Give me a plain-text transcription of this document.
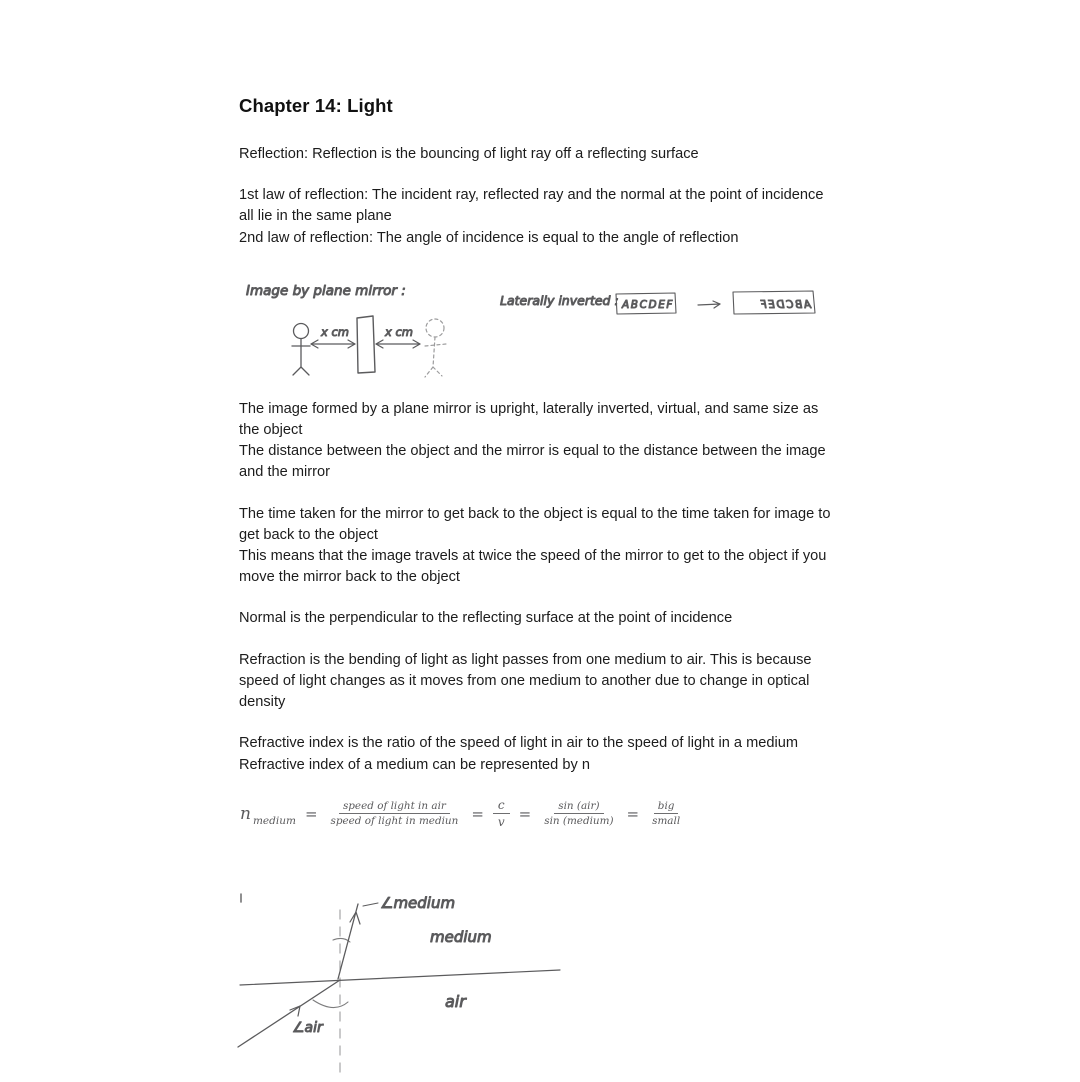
Chapter 14: Light

Reflection: Reflection is the bouncing of light ray off a reflecting surface

1st law of reflection: The incident ray, reflected ray and the normal at the point of incidence
all lie in the same plane
2nd law of reflection: The angle of incidence is equal to the angle of reflection

The image formed by a plane mirror is upright, laterally inverted, virtual, and same size as
the object
The distance between the object and the mirror is equal to the distance between the image
and the mirror

The time taken for the mirror to get back to the object is equal to the time taken for image to
get back to the object
This means that the image travels at twice the speed of the mirror to get to the object if you
move the mirror back to the object

Normal is the perpendicular to the reflecting surface at the point of incidence

Refraction is the bending of light as light passes from one medium to air. This is because
speed of light changes as it moves from one medium to another due to change in optical
density

Refractive index is the ratio of the speed of light in air to the speed of light in a medium
Refractive index of a medium can be represented by n

Image by plane mirror :
x cm	x cm
Laterally inverted : ABCDEF	ABCDEF
n medium = $\frac{\text{speed of light in air}}{\text{speed of light in mediun}} = \frac{c}{v} = \frac{\text{sin (air)}}{\text{sin (medium)}} = \frac{\text{big}}{\text{small}}$
∠medium
medium
air
∠air
